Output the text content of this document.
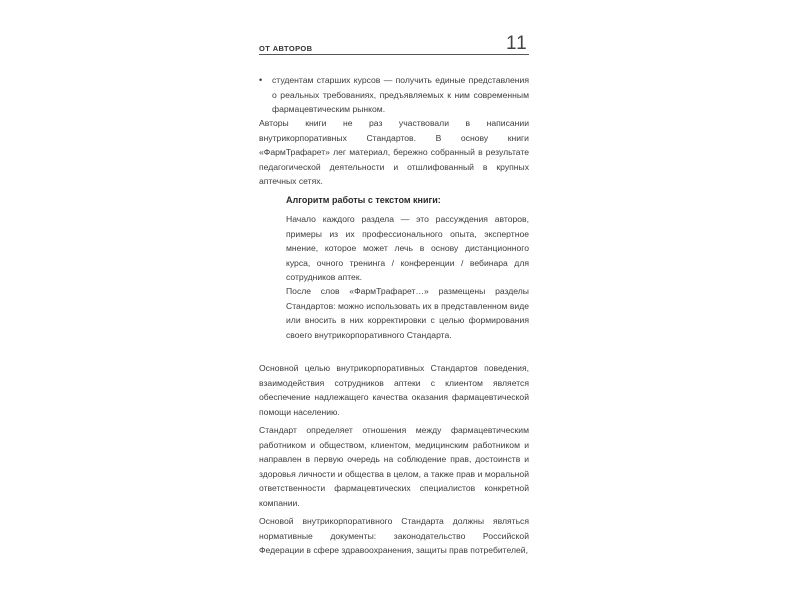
ОТ АВТОРОВ	11
• студентам старших курсов — получить единые представления о реальных требованиях, предъявляемых к ним современным фармацевтическим рынком.
Авторы книги не раз участвовали в написании внутрикорпоративных Стандартов. В основу книги «ФармТрафарет» лег материал, бережно собранный в результате педагогической деятельности и отшлифованный в крупных аптечных сетях.
Алгоритм работы с текстом книги:
Начало каждого раздела — это рассуждения авторов, примеры из их профессионального опыта, экспертное мнение, которое может лечь в основу дистанционного курса, очного тренинга / конференции / вебинара для сотрудников аптек.
После слов «ФармТрафарет…» размещены разделы Стандартов: можно использовать их в представленном виде или вносить в них корректировки с целью формирования своего внутрикорпоративного Стандарта.
Основной целью внутрикорпоративных Стандартов поведения, взаимодействия сотрудников аптеки с клиентом является обеспечение надлежащего качества оказания фармацевтической помощи населению.
Стандарт определяет отношения между фармацевтическим работником и обществом, клиентом, медицинским работником и направлен в первую очередь на соблюдение прав, достоинств и здоровья личности и общества в целом, а также прав и моральной ответственности фармацевтических специалистов конкретной компании.
Основой внутрикорпоративного Стандарта должны являться нормативные документы: законодательство Российской Федерации в сфере здравоохранения, защиты прав потребителей,
